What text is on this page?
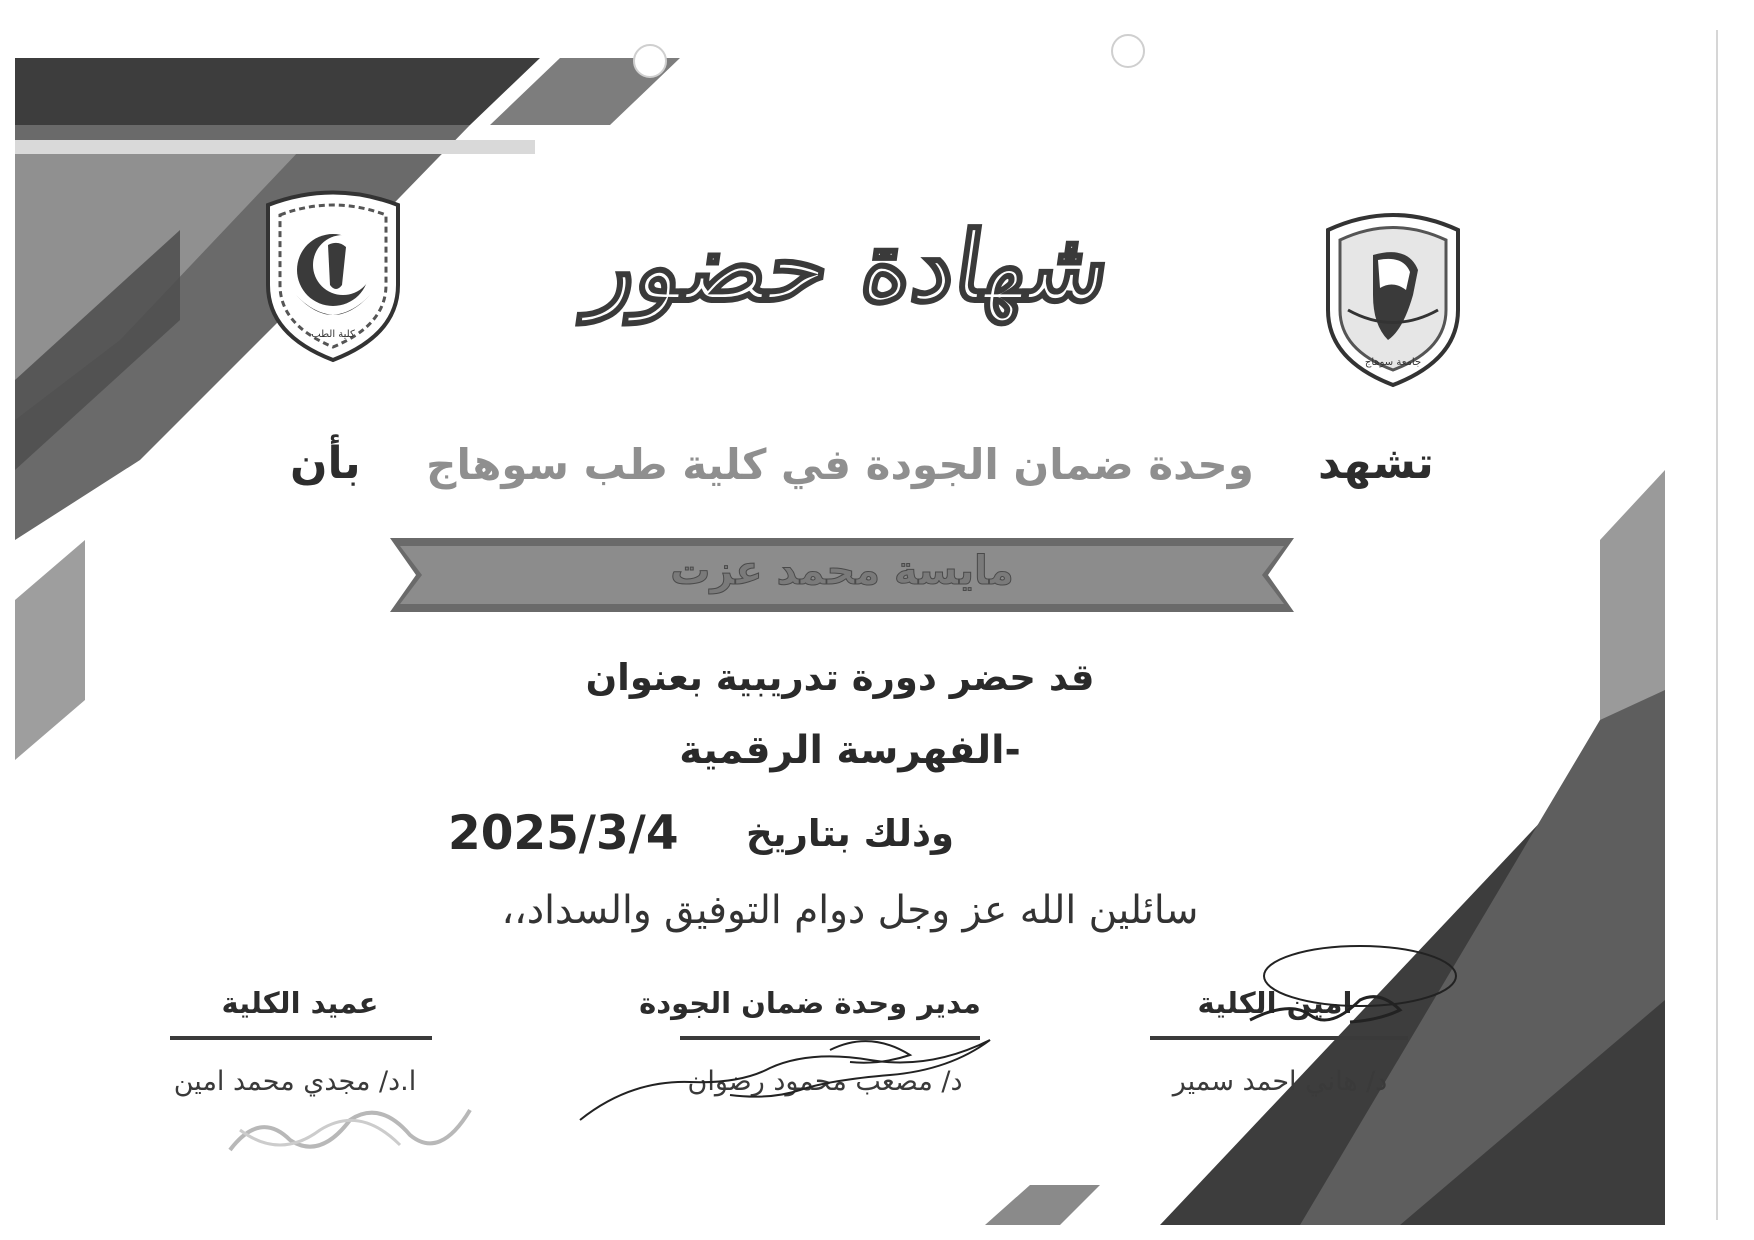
كلية الطب
جامعة سوهاج
شهادة حضور
تشهد
وحدة ضمان الجودة في كلية طب سوهاج
بأن
مايسة محمد عزت
قد حضر دورة تدريبية بعنوان
-الفهرسة الرقمية
وذلك بتاريخ
2025/3/4
سائلين الله عز وجل دوام التوفيق والسداد،،
امين الكلية
د/ هاني احمد سمير
مدير وحدة ضمان الجودة
د/ مصعب محمود رضوان
عميد الكلية
ا.د/ مجدي محمد امين
